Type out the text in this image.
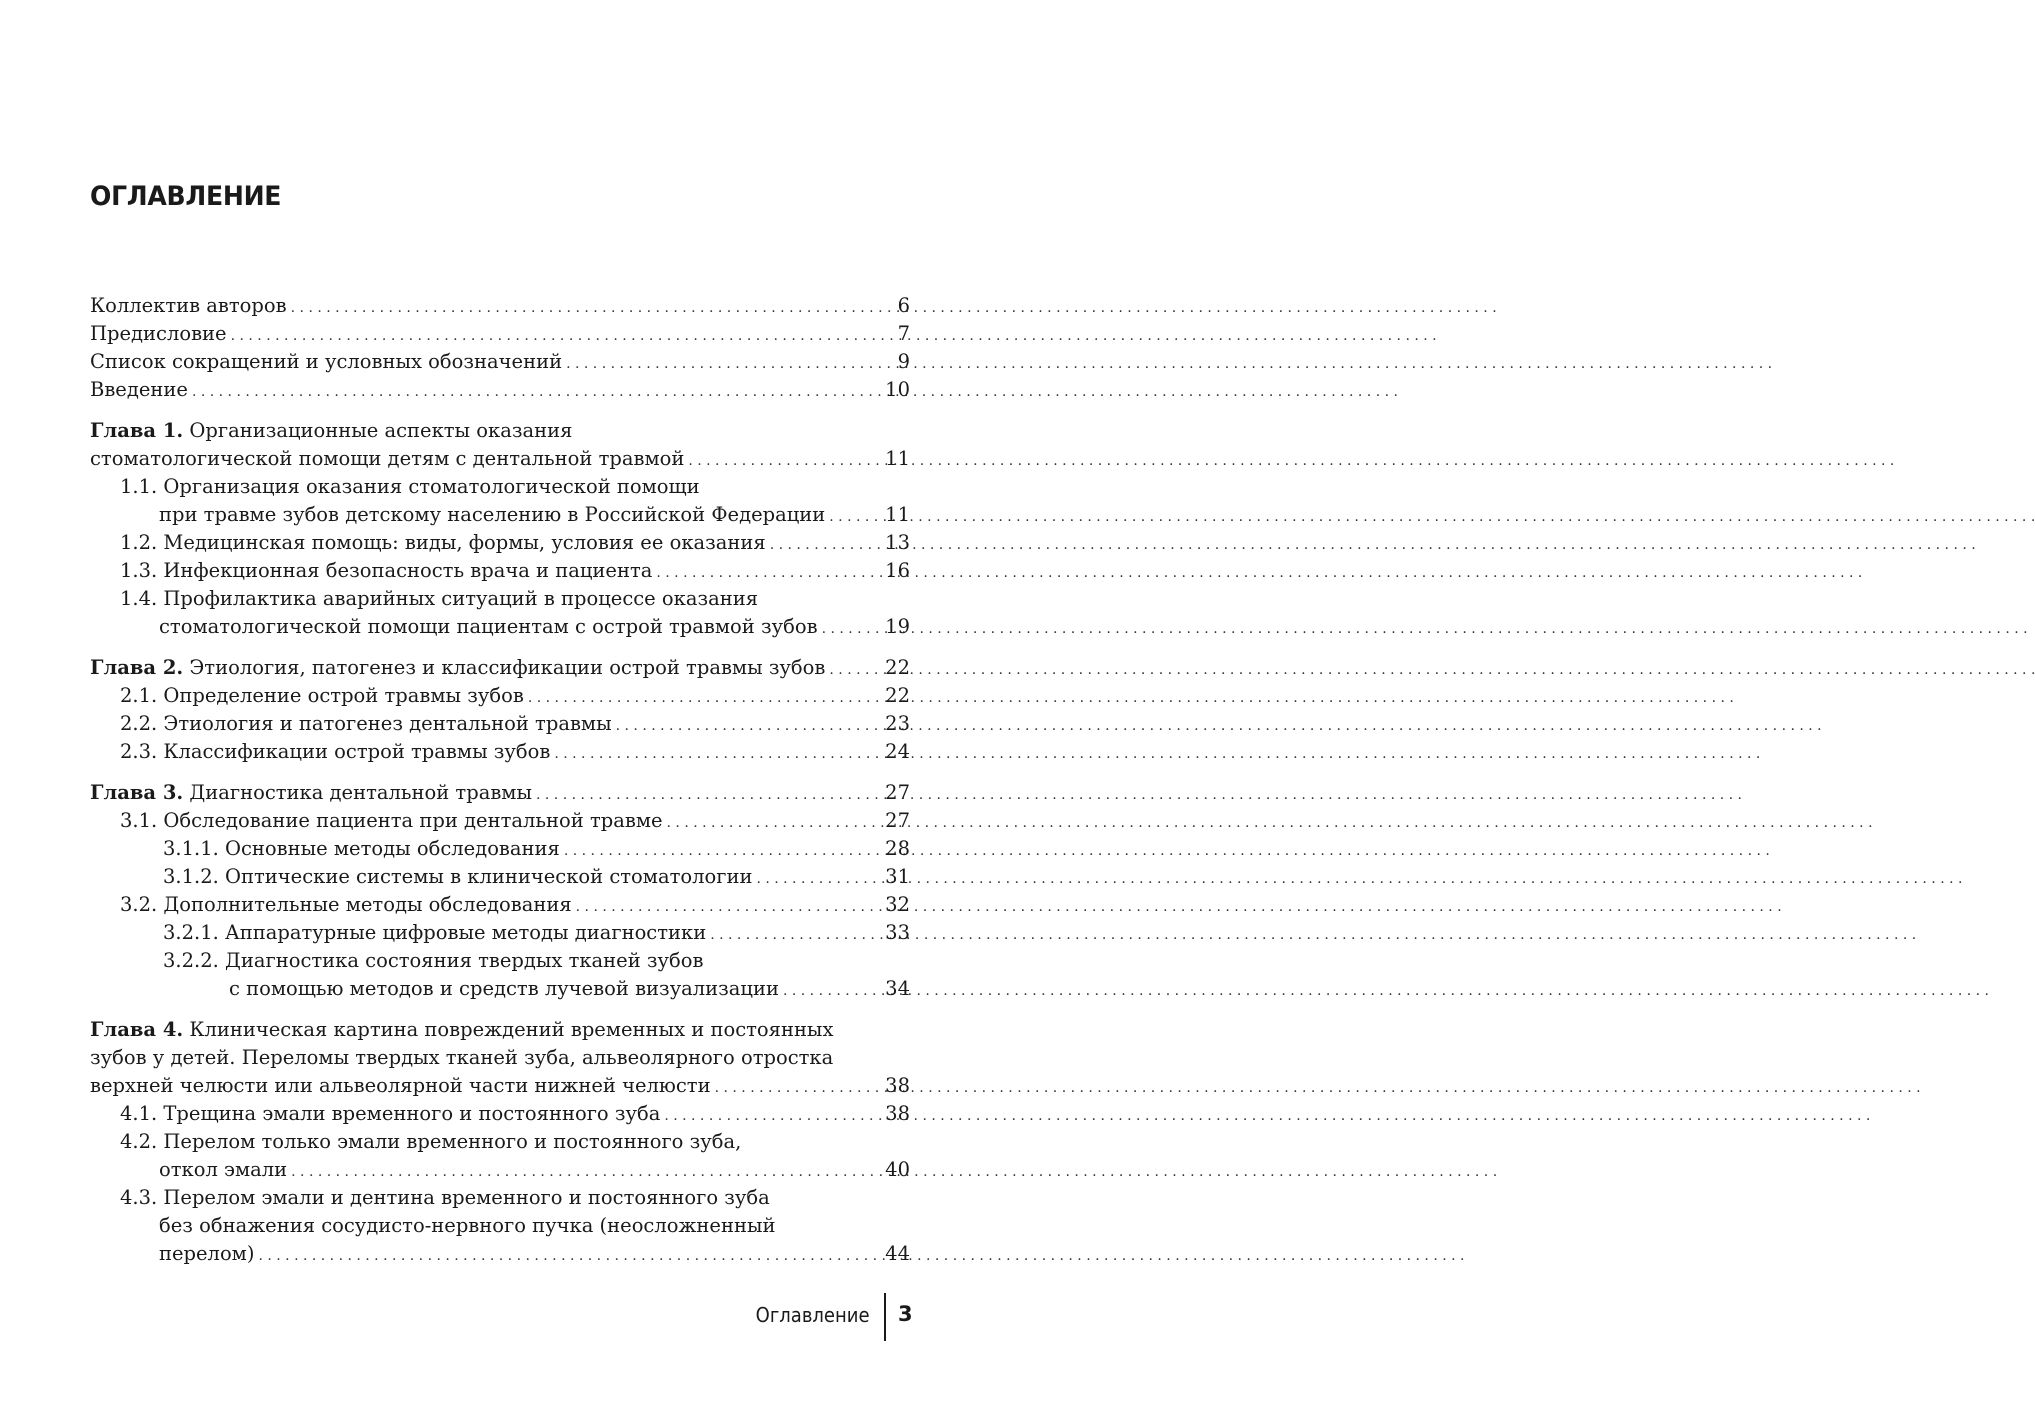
ОГЛАВЛЕНИЕ
Коллектив авторов . . .	6
Предисловие . . .	7
Список сокращений и условных обозначений . . .	9
Введение . . .	10
Глава 1. Организационные аспекты оказания
стоматологической помощи детям с дентальной травмой . . .	11
1.1. Организация оказания стоматологической помощи
при травме зубов детскому населению в Российской Федерации . . .	11
1.2. Медицинская помощь: виды, формы, условия ее оказания . . .	13
1.3. Инфекционная безопасность врача и пациента . . .	16
1.4. Профилактика аварийных ситуаций в процессе оказания
стоматологической помощи пациентам с острой травмой зубов . . .	19
Глава 2. Этиология, патогенез и классификации острой травмы зубов . . .	22
2.1. Определение острой травмы зубов . . .	22
2.2. Этиология и патогенез дентальной травмы . . .	23
2.3. Классификации острой травмы зубов . . .	24
Глава 3. Диагностика дентальной травмы . . .	27
3.1. Обследование пациента при дентальной травме . . .	27
3.1.1. Основные методы обследования . . .	28
3.1.2. Оптические системы в клинической стоматологии . . .	31
3.2. Дополнительные методы обследования . . .	32
3.2.1. Аппаратурные цифровые методы диагностики . . .	33
3.2.2. Диагностика состояния твердых тканей зубов
с помощью методов и средств лучевой визуализации . . .	34
Глава 4. Клиническая картина повреждений временных и постоянных
зубов у детей. Переломы твердых тканей зуба, альвеолярного отростка
верхней челюсти или альвеолярной части нижней челюсти . . .	38
4.1. Трещина эмали временного и постоянного зуба . . .	38
4.2. Перелом только эмали временного и постоянного зуба,
откол эмали . . .	40
4.3. Перелом эмали и дентина временного и постоянного зуба
без обнажения сосудисто-нервного пучка (неосложненный
перелом) . . .	44
Оглавление 3
